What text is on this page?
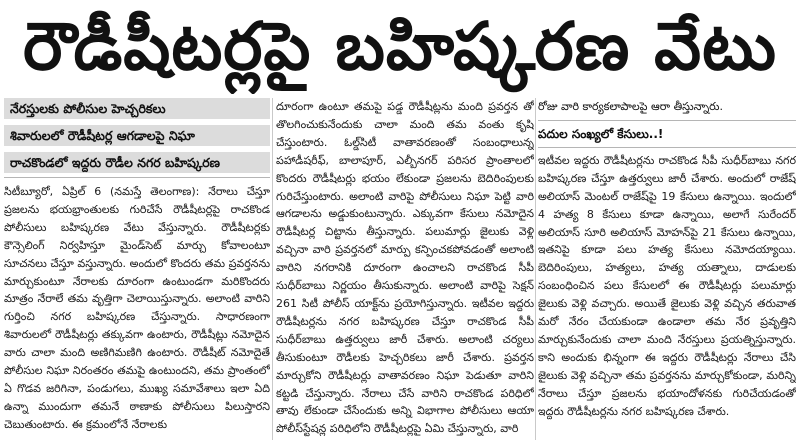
రౌడీషీటర్లపై బహిష్కరణ వేటు
నేరస్తులకు పోలీసుల హెచ్చరికలు
శివారులలో రౌడీషీటర్ల ఆగడాలపై నిఘా
రాచకొండలో ఇద్దరు రౌడీల నగర బహిష్కరణ

సిటీబ్యూరో, ఏప్రిల్ 6 (నమస్తే తెలంగాణ): నేరాలు చేస్తూ ప్రజలను భయభ్రాంతులకు గురిచేసే రౌడీషీటర్లపై రాచకొండ పోలీసులు బహిష్కరణ వేటు వేస్తున్నారు. రౌడీషీటర్లకు కౌన్సెలింగ్ నిర్వహిస్తూ మైండ్‌సెట్ మార్చు కోవాలంటూ సూచనలు చేస్తూ వస్తున్నారు. అందులో కొందరు తమ ప్రవర్తనను మార్చుకుంటూ నేరాలకు దూరంగా ఉంటుండగా మరికొందరు మాత్రం నేరాలే తమ వృత్తిగా చెలాయిస్తున్నారు. అలాంటి వారిని గుర్తించి నగర బహిష్కరణ చేస్తున్నారు. సాధారణంగా శివారులలో రౌడీషీటర్లు తక్కువగా ఉంటారు, రౌడీషీట్లు నమోదైన వారు చాలా మంది అణిగిమణిగి ఉంటారు. రౌడీషీట్ నమోదైతే పోలీసుల నిఘా నిరంతరం తమపై ఉంటుందని, తమ ప్రాంతంలో ఏ గొడవ జరిగినా, పండుగలు, ముఖ్య సమావేశాలు ఇలా ఏది ఉన్నా ముందుగా తమనే ఠాణాకు పోలీసులు పిలుస్తారని చెబుతుంటారు. ఈ క్రమంలోనే నేరాలకు

దూరంగా ఉంటూ తమపై పడ్డ రౌడీషీట్లను మంది ప్రవర్తన తో తొలగించుకునేందుకు చాలా మంది తమ వంతు కృషి చేస్తుంటారు. ఓల్డ్‌సిటీ వాతావరణంతో సంబంధాలున్న పహాడీషరీఫ్, బాలాపూర్, ఎల్బీనగర్ పరిసర ప్రాంతాలలో కొందరు రౌడీషీటర్లు భయం లేకుండా ప్రజలను బెదిరింపులకు గురిచేస్తుంటారు. అలాంటి వారిపై పోలీసులు నిఘా పెట్టి వారి ఆగడాలను అడ్డుకుంటున్నారు. ఎక్కువగా కేసులు నమోదైన రౌడీషీటర్ల చిట్టాను తీస్తున్నారు. పలుమార్లు జైలుకు వెళ్లి వచ్చినా వారి ప్రవర్తనలో మార్పు కన్పించకపోవడంతో అలాంటి వారిని నగరానికి దూరంగా ఉంచాలని రాచకొండ సీపీ సుధీర్‌బాబు నిర్ణయం తీసుకున్నారు. అలాంటి వారిపై సెక్షన్ 261 సిటీ పోలీస్ యాక్ట్‌ను ప్రయోగిస్తున్నారు. ఇటీవల ఇద్దరు రౌడీషీటర్లను నగర బహిష్కరణ చేస్తూ రాచకొండ సీపీ సుధీర్‌బాబు ఉత్తర్వులు జారీ చేశారు. అలాంటి చర్యలు తీసుకుంటూ రౌడీలకు హెచ్చరికలు జారీ చేశారు. ప్రవర్తన మార్చుకోని రౌడీషీటర్లు వాతావరణం నిఘా పెడుతూ వారిని కట్టడి చేస్తున్నారు. నేరాలు చేసే వారిని రాచకొండ పరిధిలో తావు లేకుండా చేసేందుకు అన్ని విభాగాల పోలీసులు ఆయా పోలీస్‌స్టేషన్ల పరిధిలోని రౌడీషీటర్లపై ఏమి చేస్తున్నారు, వారి

రోజు వారి కార్యకలాపాలపై ఆరా తీస్తున్నారు.

పదుల సంఖ్యలో కేసులు..!

ఇటీవల ఇద్దరు రౌడీషీటర్లను రాచకొండ సీపీ సుధీర్‌బాబు నగర బహిష్కరణ చేస్తూ ఉత్తర్వులు జారీ చేశారు. అందులో రాజేష్ అలియాస్ మెంటల్ రాజేష్‌పై 19 కేసులు ఉన్నాయి. ఇందులో 4 హత్య 8 కేసులు కూడా ఉన్నాయి, అలాగే సురేందర్ అలియాస్ సూరి అలియాస్ మోహన్‌పై 21 కేసులు ఉన్నాయి, ఇతనిపై కూడా పలు హత్య కేసులు నమోదయ్యాయి. బెదిరింపులు, హత్యలు, హత్య యత్నాలు, దాడులకు సంబంధించిన పలు కేసులలో ఈ రౌడీషీటర్లు పలుమార్లు జైలుకు వెళ్లి వచ్చారు. అయితే జైలుకు వెళ్లి వచ్చిన తరువాత మరో నేరం చేయకుండా ఉండాలా తమ నేర ప్రవృత్తిని మార్చుకునేందుకు చాలా మంది నేరస్తులు ప్రయత్నిస్తున్నారు. కాని అందుకు భిన్నంగా ఈ ఇద్దరు రౌడీషీటర్లు నేరాలు చేసి జైలుకు వెళ్లి వచ్చినా తమ ప్రవర్తనను మార్చుకోకుండా, మరిన్ని నేరాలు చేస్తూ ప్రజలను భయాందోళనకు గురిచేయడంతో ఇద్దరు రౌడీషీటర్లను నగర బహిష్కరణ చేశారు.
